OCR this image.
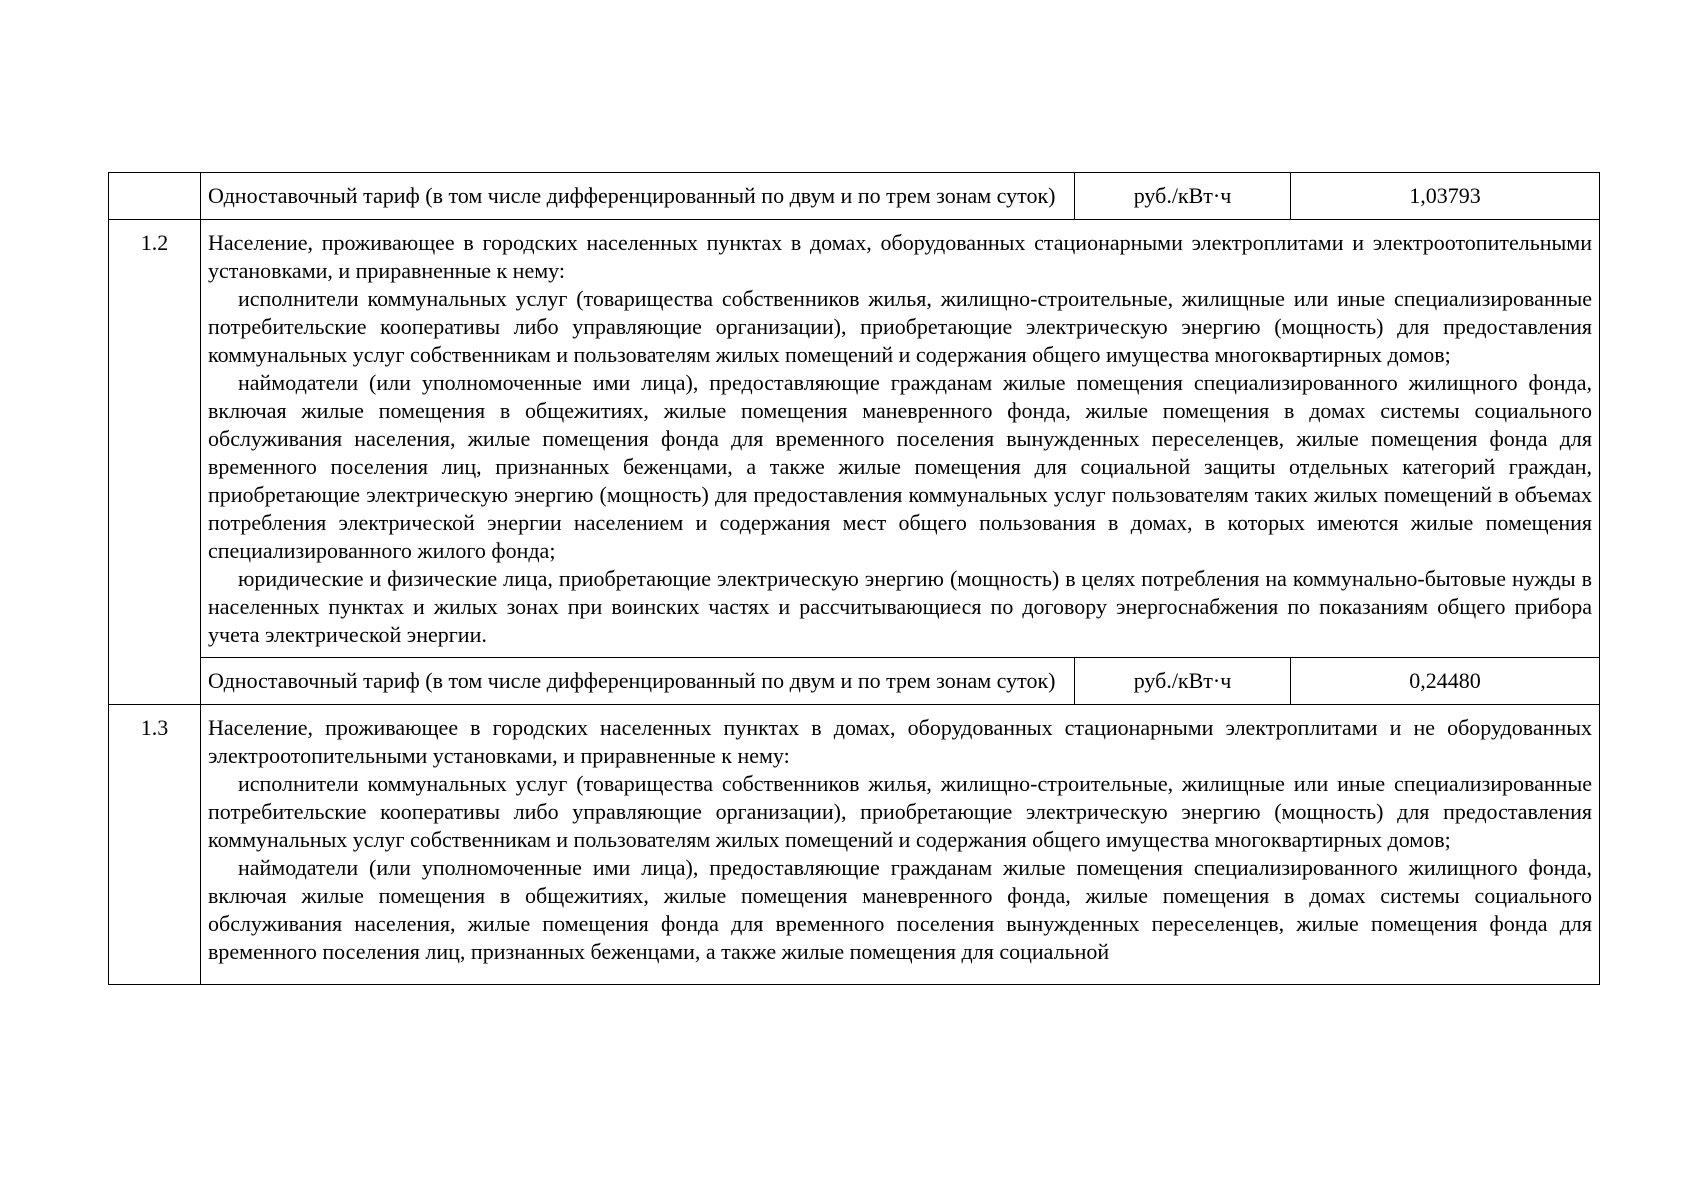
	Одноставочный тариф (в том числе дифференцированный по двум и по трем зонам суток)	руб./кВт·ч	1,03793
1.2	Население, проживающее в городских населенных пунктах в домах, оборудованных стационарными электроплитами и электроотопительными установками, и приравненные к нему:

исполнители коммунальных услуг (товарищества собственников жилья, жилищно-строительные, жилищные или иные специализированные потребительские кооперативы либо управляющие организации), приобретающие электрическую энергию (мощность) для предоставления коммунальных услуг собственникам и пользователям жилых помещений и содержания общего имущества многоквартирных домов;

наймодатели (или уполномоченные ими лица), предоставляющие гражданам жилые помещения специализированного жилищного фонда, включая жилые помещения в общежитиях, жилые помещения маневренного фонда, жилые помещения в домах системы социального обслуживания населения, жилые помещения фонда для временного поселения вынужденных переселенцев, жилые помещения фонда для временного поселения лиц, признанных беженцами, а также жилые помещения для социальной защиты отдельных категорий граждан, приобретающие электрическую энергию (мощность) для предоставления коммунальных услуг пользователям таких жилых помещений в объемах потребления электрической энергии населением и содержания мест общего пользования в домах, в которых имеются жилые помещения специализированного жилого фонда;

юридические и физические лица, приобретающие электрическую энергию (мощность) в целях потребления на коммунально-бытовые нужды в населенных пунктах и жилых зонах при воинских частях и рассчитывающиеся по договору энергоснабжения по показаниям общего прибора учета электрической энергии.		

	Одноставочный тариф (в том числе дифференцированный по двум и по трем зонам суток)	руб./кВт·ч	0,24480
1.3	Население, проживающее в городских населенных пунктах в домах, оборудованных стационарными электроплитами и не оборудованных электроотопительными установками, и приравненные к нему:

исполнители коммунальных услуг (товарищества собственников жилья, жилищно-строительные, жилищные или иные специализированные потребительские кооперативы либо управляющие организации), приобретающие электрическую энергию (мощность) для предоставления коммунальных услуг собственникам и пользователям жилых помещений и содержания общего имущества многоквартирных домов;

наймодатели (или уполномоченные ими лица), предоставляющие гражданам жилые помещения специализированного жилищного фонда, включая жилые помещения в общежитиях, жилые помещения маневренного фонда, жилые помещения в домах системы социального обслуживания населения, жилые помещения фонда для временного поселения вынужденных переселенцев, жилые помещения фонда для временного поселения лиц, признанных беженцами, а также жилые помещения для социальной		
